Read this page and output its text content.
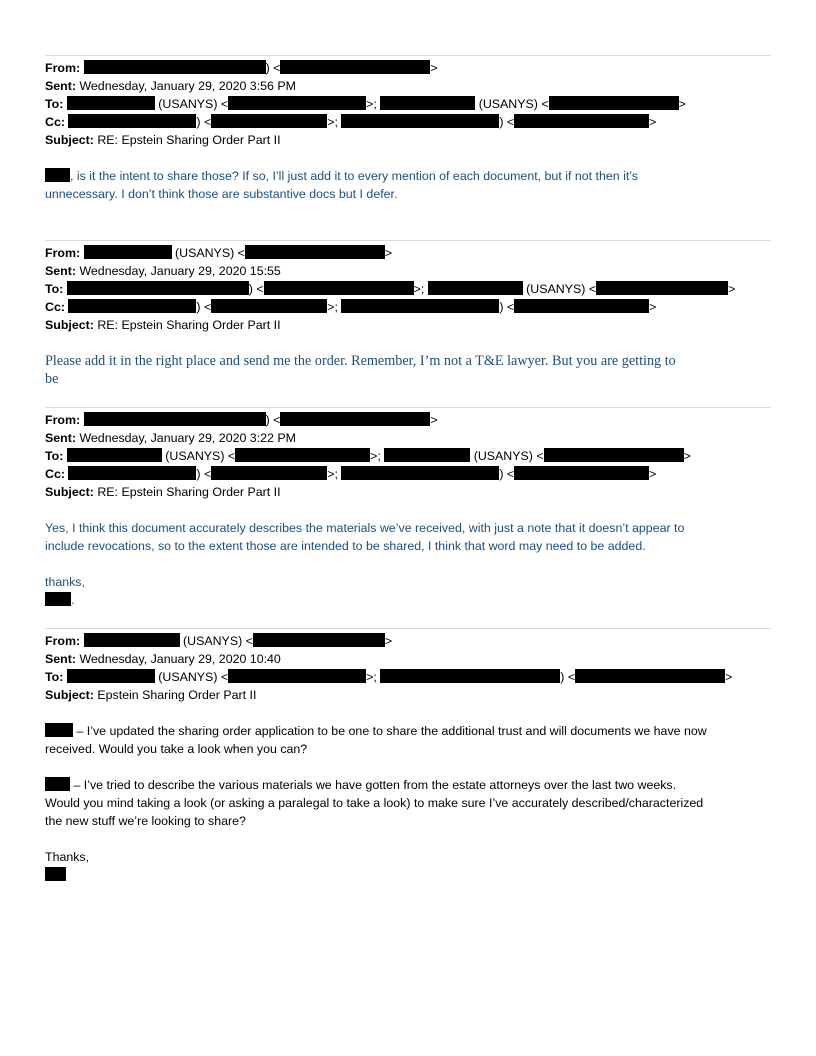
From:	) <	>
Sent: Wednesday, January 29, 2020 3:56 PM
To:	(USANYS) <	>;	(USANYS) <	>
Cc:	) <	>;	) <	>
Subject: RE: Epstein Sharing Order Part II
, is it the intent to share those? If so, I’ll just add it to every mention of each document, but if not then it’s
unnecessary. I don’t think those are substantive docs but I defer.
From:	(USANYS) <	>
Sent: Wednesday, January 29, 2020 15:55
To:	) <	>;	(USANYS) <	>
Cc:	) <	>;	) <	>
Subject: RE: Epstein Sharing Order Part II
Please add it in the right place and send me the order. Remember, I’m not a T&E lawyer. But you are getting to
be
From:	) <	>
Sent: Wednesday, January 29, 2020 3:22 PM
To:	(USANYS) <	>;	(USANYS) <	>
Cc:	) <	>;	) <	>
Subject: RE: Epstein Sharing Order Part II
Yes, I think this document accurately describes the materials we’ve received, with just a note that it doesn’t appear to
include revocations, so to the extent those are intended to be shared, I think that word may need to be added.
thanks,
.
From:	(USANYS) <	>
Sent: Wednesday, January 29, 2020 10:40
To:	(USANYS) <	>;	) <	>
Subject: Epstein Sharing Order Part II
– I’ve updated the sharing order application to be one to share the additional trust and will documents we have now
received. Would you take a look when you can?
– I’ve tried to describe the various materials we have gotten from the estate attorneys over the last two weeks.
Would you mind taking a look (or asking a paralegal to take a look) to make sure I’ve accurately described/characterized
the new stuff we’re looking to share?
Thanks,
